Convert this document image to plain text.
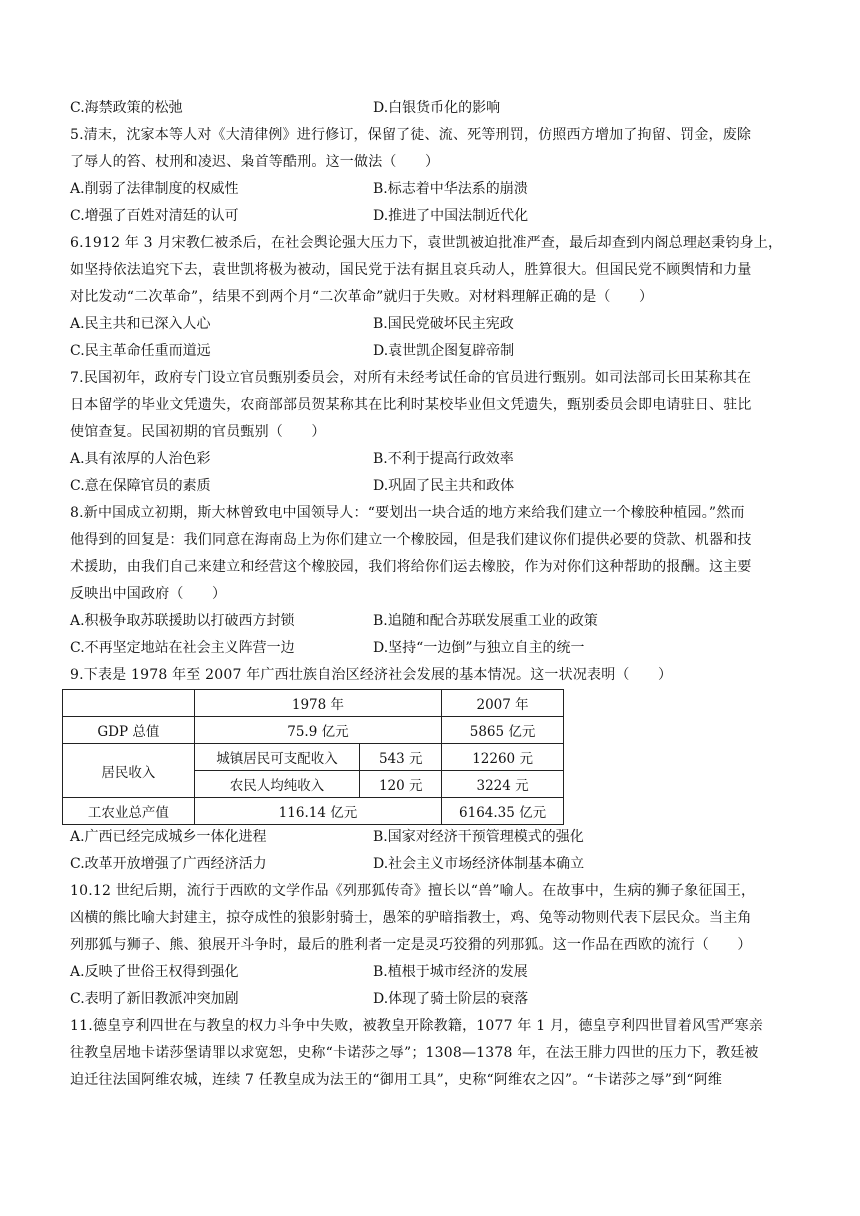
5.清末，沈家本等人对《大清律例》进行修订，保留了徒、流、死等刑罚，仿照西方增加了拘留、罚金，废除
了辱人的笞、杖刑和凌迟、枭首等酷刑。这一做法（　　）
6.1912 年 3 月宋教仁被杀后，在社会舆论强大压力下，袁世凯被迫批准严查，最后却查到内阁总理赵秉钧身上，
如坚持依法追究下去，袁世凯将极为被动，国民党于法有据且哀兵动人，胜算很大。但国民党不顾舆情和力量
对比发动“二次革命”，结果不到两个月“二次革命”就归于失败。对材料理解正确的是（　　）
7.民国初年，政府专门设立官员甄别委员会，对所有未经考试任命的官员进行甄别。如司法部司长田某称其在
日本留学的毕业文凭遗失，农商部部员贺某称其在比利时某校毕业但文凭遗失，甄别委员会即电请驻日、驻比
使馆查复。民国初期的官员甄别（　　）
8.新中国成立初期，斯大林曾致电中国领导人：“要划出一块合适的地方来给我们建立一个橡胶种植园。”然而
他得到的回复是：我们同意在海南岛上为你们建立一个橡胶园，但是我们建议你们提供必要的贷款、机器和技
术援助，由我们自己来建立和经营这个橡胶园，我们将给你们运去橡胶，作为对你们这种帮助的报酬。这主要
反映出中国政府（　　）
9.下表是 1978 年至 2007 年广西壮族自治区经济社会发展的基本情况。这一状况表明（　　）
10.12 世纪后期，流行于西欧的文学作品《列那狐传奇》擅长以“兽”喻人。在故事中，生病的狮子象征国王，
凶横的熊比喻大封建主，掠夺成性的狼影射骑士，愚笨的驴暗指教士，鸡、兔等动物则代表下层民众。当主角
列那狐与狮子、熊、狼展开斗争时，最后的胜利者一定是灵巧狡猾的列那狐。这一作品在西欧的流行（　　）
11.德皇亨利四世在与教皇的权力斗争中失败，被教皇开除教籍，1077 年 1 月，德皇亨利四世冒着风雪严寒亲
往教皇居地卡诺莎堡请罪以求宽恕，史称“卡诺莎之辱”；1308—1378 年，在法王腓力四世的压力下，教廷被
迫迁往法国阿维农城，连续 7 任教皇成为法王的“御用工具”，史称“阿维农之囚”。“卡诺莎之辱”到“阿维
C.海禁政策的松弛	D.白银货币化的影响
A.削弱了法律制度的权威性	B.标志着中华法系的崩溃
C.增强了百姓对清廷的认可	D.推进了中国法制近代化
A.民主共和已深入人心	B.国民党破坏民主宪政
C.民主革命任重而道远	D.袁世凯企图复辟帝制
A.具有浓厚的人治色彩	B.不利于提高行政效率
C.意在保障官员的素质	D.巩固了民主共和政体
A.积极争取苏联援助以打破西方封锁	B.追随和配合苏联发展重工业的政策
C.不再坚定地站在社会主义阵营一边	D.坚持“一边倒”与独立自主的统一
A.广西已经完成城乡一体化进程	B.国家对经济干预管理模式的强化
C.改革开放增强了广西经济活力	D.社会主义市场经济体制基本确立
A.反映了世俗王权得到强化	B.植根于城市经济的发展
C.表明了新旧教派冲突加剧	D.体现了骑士阶层的衰落
	1978 年		2007 年
GDP 总值	75.9 亿元		5865 亿元
居民收入	城镇居民可支配收入	543 元	12260 元
	农民人均纯收入	120 元	3224 元
工农业总产值	116.14 亿元		6164.35 亿元
